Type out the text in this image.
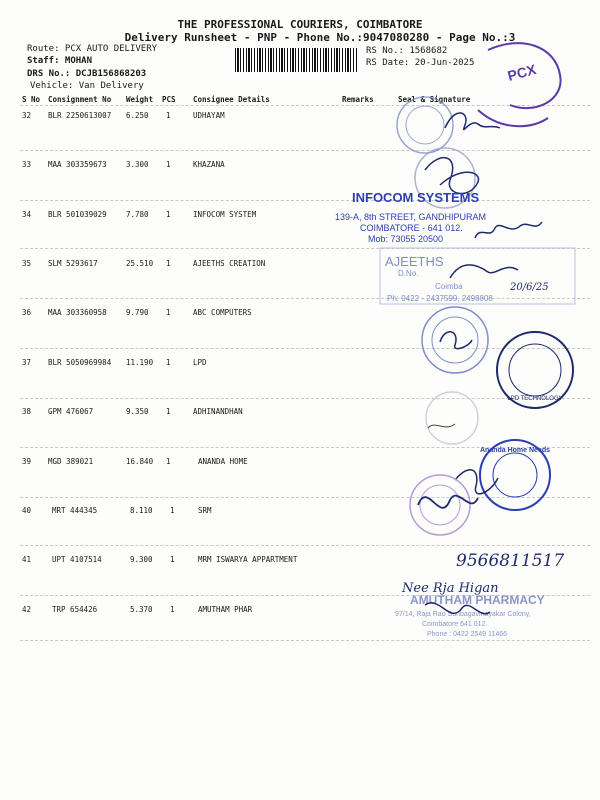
THE PROFESSIONAL COURIERS, COIMBATORE
Delivery Runsheet - PNP - Phone No.:9047080280 - Page No.:3
Route: PCX AUTO DELIVERY
Staff: MOHAN
DRS No.: DCJB156868203
Vehicle: Van Delivery
RS No.: 1568682
RS Date: 20-Jun-2025
S No Consignment No Weight PCS Consignee Details	Remarks	Seal & Signature
32 BLR 2250613007 6.250 1	UDHAYAM
33 MAA 303359673	3.300 1	KHAZANA
34 BLR 501039029	7.780 1	INFOCOM SYSTEM
35 SLM 5293617	25.510 1	AJEETHS CREATION
36 MAA 303360958	9.790 1	ABC COMPUTERS
37 BLR 5050969984 11.190 1	LPD
38 GPM 476067	9.350 1	ADHINANDHAN
39 MGD 389021	16.840 1	ANANDA HOME
40	MRT 444345	8.110 1	SRM
41	UPT 4107514	9.300 1	MRM ISWARYA APPARTMENT
42	TRP 654426	5.370 1	AMUTHAM PHAR
PCX
INFOCOM SYSTEMS
139-A, 8th STREET, GANDHIPURAM
COIMBATORE - 641 012.
Mob: 73055 20500
AJEETHS
D.No.
Coimba
Ph: 0422 - 2437599, 2498808
20/6/25
LPD TECHNOLOGY
Ananda Home Needs
9566811517
Nee Rja Higan
AMUTHAM PHARMACY
97/14, Raja Rao Sunbagavinayakar Colony,
Coimbatore 641 012.
Phone : 0422 2549 11466
